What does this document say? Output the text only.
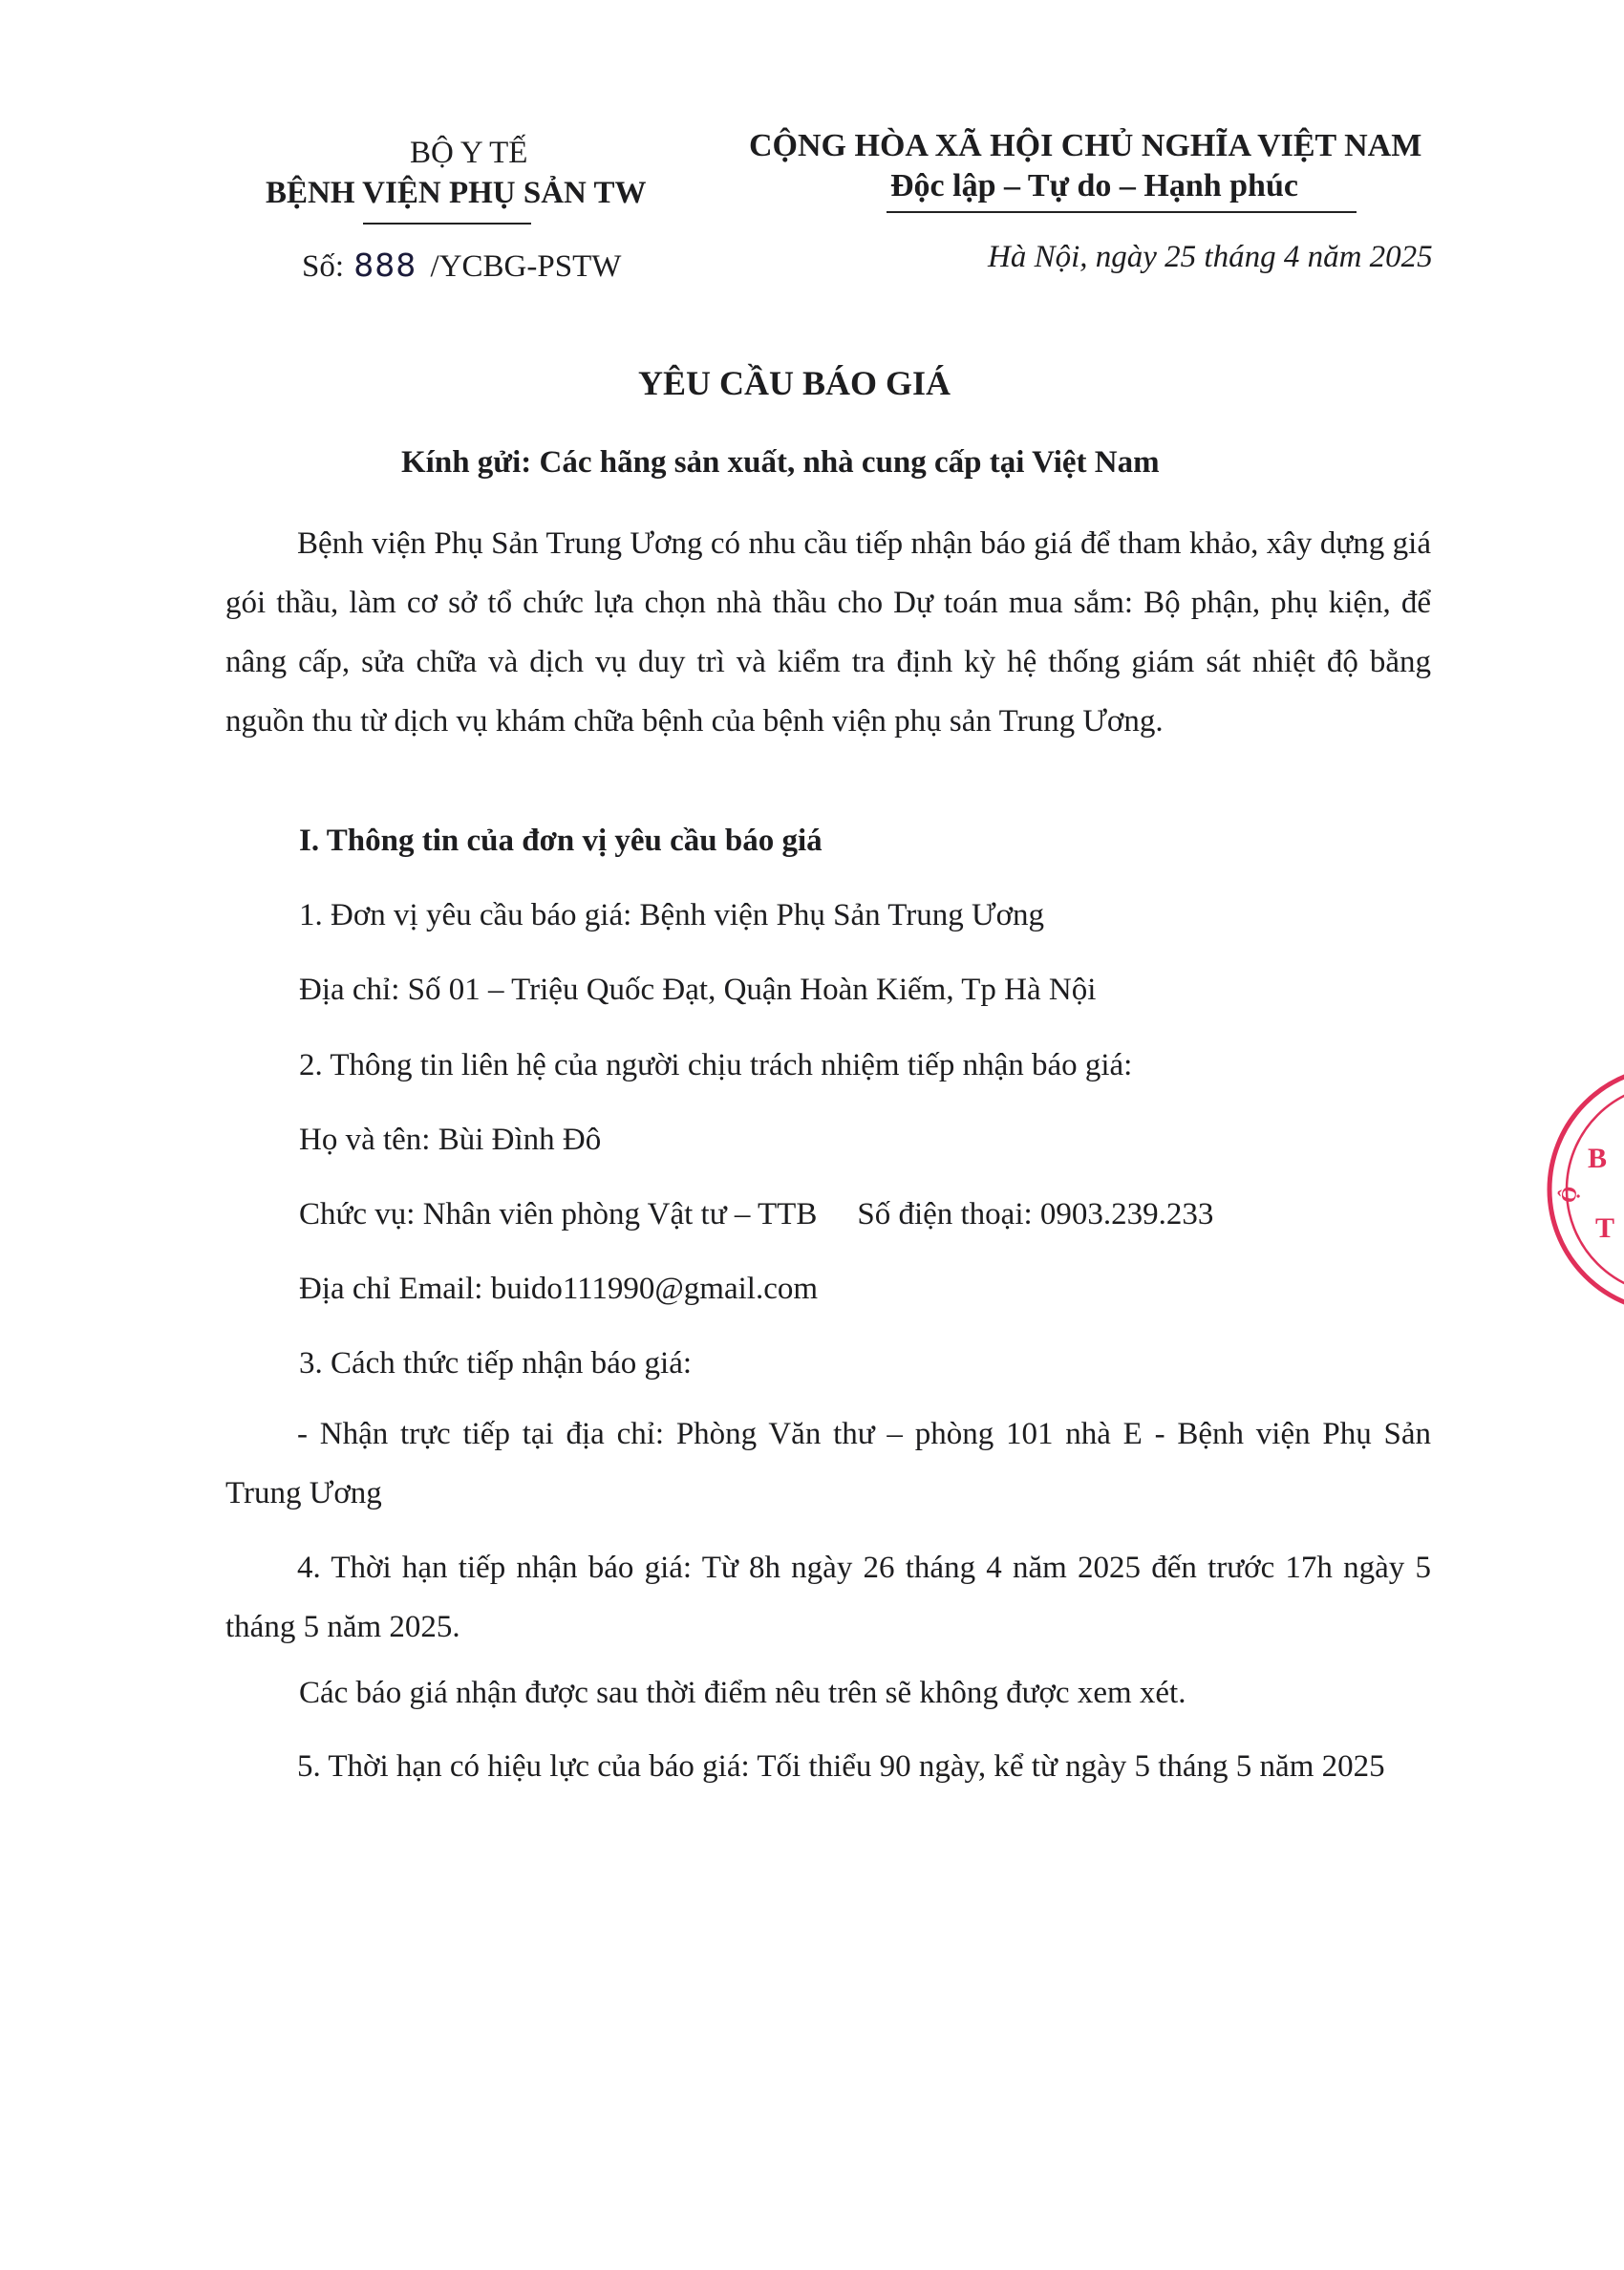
BỘ Y TẾ
BỆNH VIỆN PHỤ SẢN TW
CỘNG HÒA XÃ HỘI CHỦ NGHĨA VIỆT NAM
Độc lập – Tự do – Hạnh phúc
Số: 888 /YCBG-PSTW	Hà Nội, ngày 25 tháng 4 năm 2025
YÊU CẦU BÁO GIÁ
Kính gửi: Các hãng sản xuất, nhà cung cấp tại Việt Nam

Bệnh viện Phụ Sản Trung Ương có nhu cầu tiếp nhận báo giá để tham khảo, xây dựng giá gói thầu, làm cơ sở tổ chức lựa chọn nhà thầu cho Dự toán mua sắm: Bộ phận, phụ kiện, để nâng cấp, sửa chữa và dịch vụ duy trì và kiểm tra định kỳ hệ thống giám sát nhiệt độ bằng nguồn thu từ dịch vụ khám chữa bệnh của bệnh viện phụ sản Trung Ương.

I. Thông tin của đơn vị yêu cầu báo giá
1. Đơn vị yêu cầu báo giá: Bệnh viện Phụ Sản Trung Ương
Địa chỉ: Số 01 – Triệu Quốc Đạt, Quận Hoàn Kiếm, Tp Hà Nội
2. Thông tin liên hệ của người chịu trách nhiệm tiếp nhận báo giá:
Họ và tên: Bùi Đình Đô
Chức vụ: Nhân viên phòng Vật tư – TTB Số điện thoại: 0903.239.233
Địa chỉ Email: buido111990@gmail.com
3. Cách thức tiếp nhận báo giá:

- Nhận trực tiếp tại địa chỉ: Phòng Văn thư – phòng 101 nhà E - Bệnh viện Phụ Sản Trung Ương

4. Thời hạn tiếp nhận báo giá: Từ 8h ngày 26 tháng 4 năm 2025 đến trước 17h ngày 5 tháng 5 năm 2025.

Các báo giá nhận được sau thời điểm nêu trên sẽ không được xem xét.

5. Thời hạn có hiệu lực của báo giá: Tối thiểu 90 ngày, kể từ ngày 5 tháng 5 năm 2025

B
Ộ
T
